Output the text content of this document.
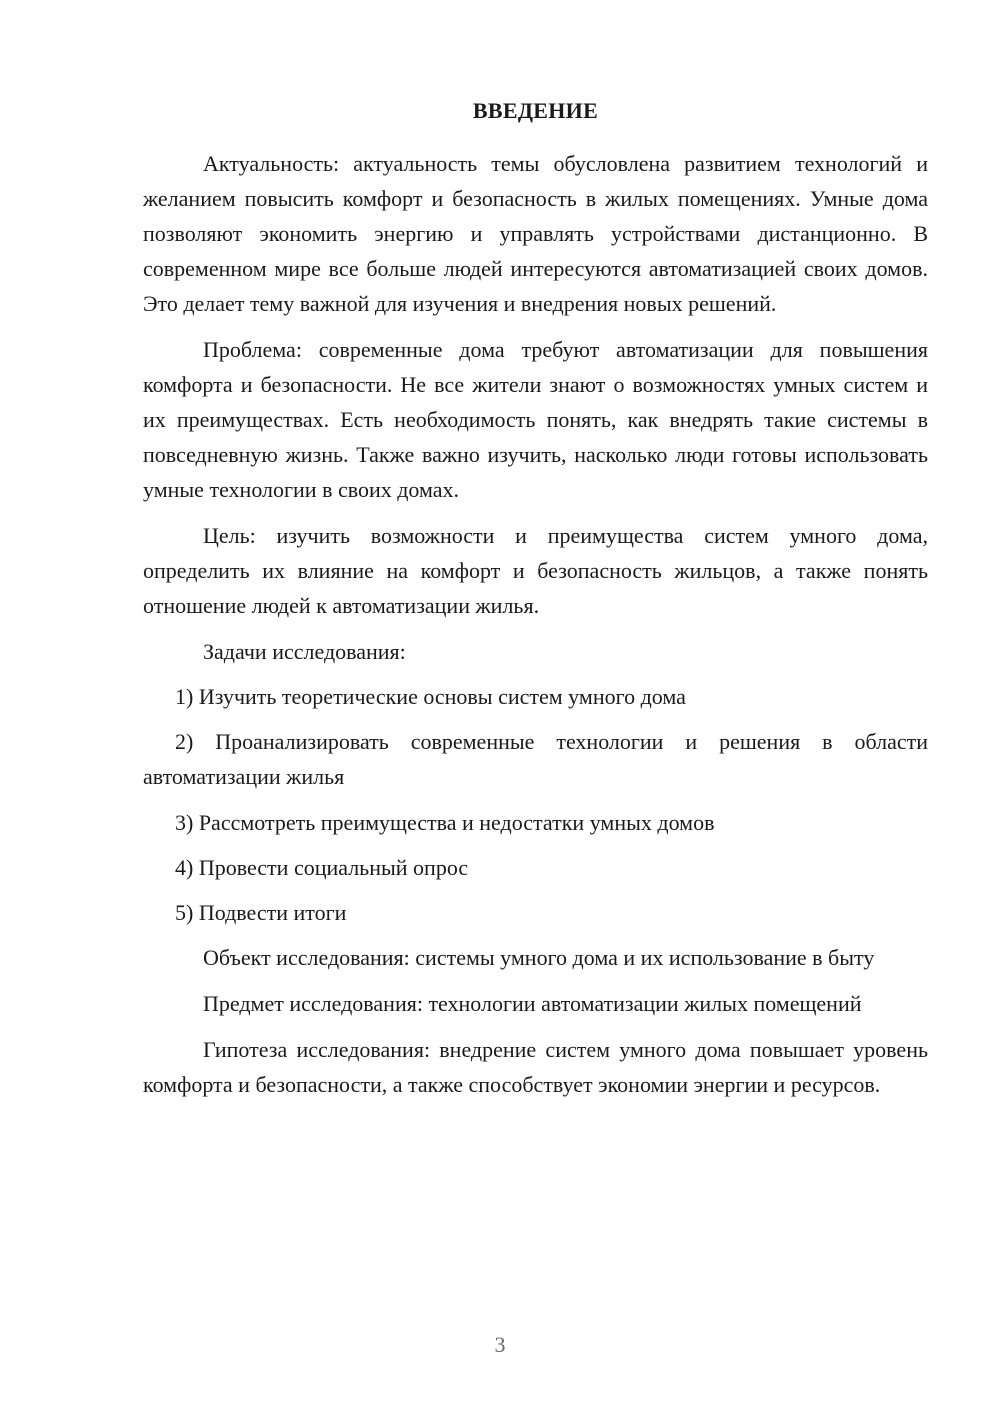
ВВЕДЕНИЕ

Актуальность: актуальность темы обусловлена развитием технологий и желанием повысить комфорт и безопасность в жилых помещениях. Умные дома позволяют экономить энергию и управлять устройствами дистанционно. В современном мире все больше людей интересуются автоматизацией своих домов. Это делает тему важной для изучения и внедрения новых решений.

Проблема: современные дома требуют автоматизации для повышения комфорта и безопасности. Не все жители знают о возможностях умных систем и их преимуществах. Есть необходимость понять, как внедрять такие системы в повседневную жизнь. Также важно изучить, насколько люди готовы использовать умные технологии в своих домах.

Цель: изучить возможности и преимущества систем умного дома, определить их влияние на комфорт и безопасность жильцов, а также понять отношение людей к автоматизации жилья.

Задачи исследования:

1) Изучить теоретические основы систем умного дома

2) Проанализировать современные технологии и решения в области автоматизации жилья

3) Рассмотреть преимущества и недостатки умных домов

4) Провести социальный опрос

5) Подвести итоги

Объект исследования: системы умного дома и их использование в быту

Предмет исследования: технологии автоматизации жилых помещений

Гипотеза исследования: внедрение систем умного дома повышает уровень комфорта и безопасности, а также способствует экономии энергии и ресурсов.

3
